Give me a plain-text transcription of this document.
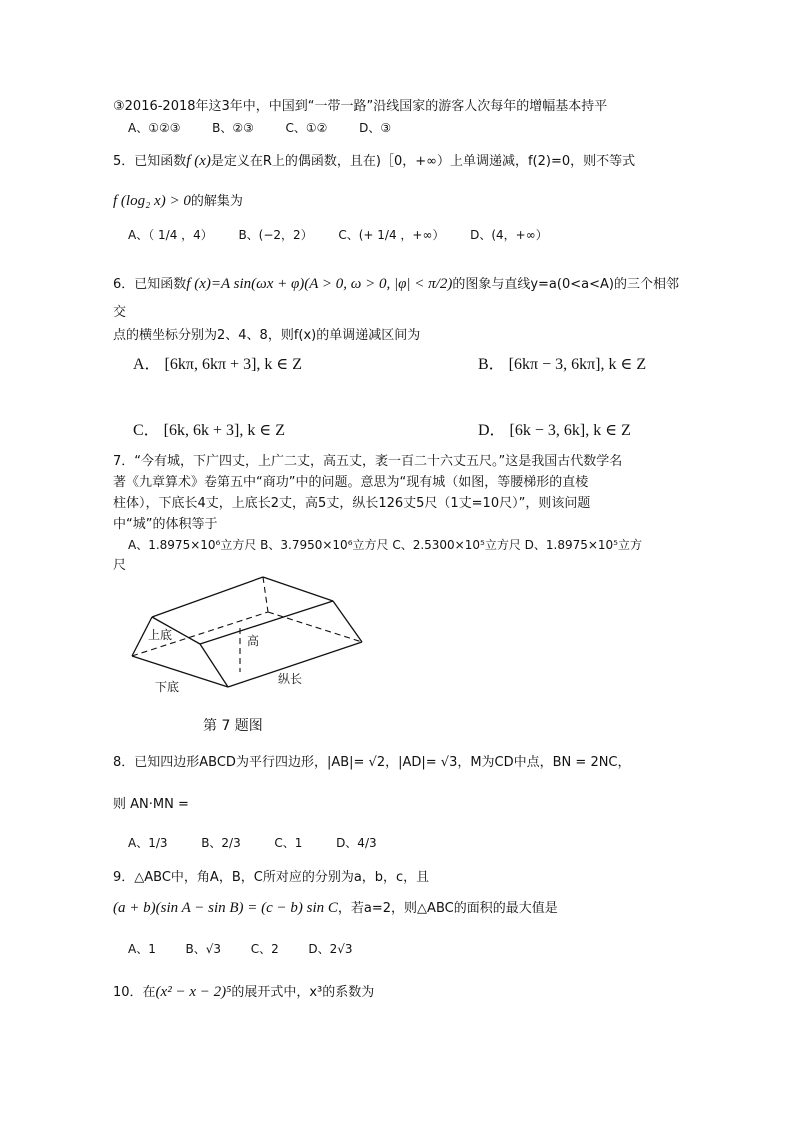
③2016-2018年这3年中，中国到“一带一路”沿线国家的游客人次每年的增幅基本持平
A、①②③	B、②③	C、①②	D、③
5．已知函数f (x)是定义在R上的偶函数，且在)［0，+∞）上单调递减，f(2)=0，则不等式
f (log₂ x) > 0的解集为
A、（ 1/4 ，4） B、(−2，2） C、(+ 1/4 ，+∞） D、(4，+∞）
6．已知函数f (x)=A sin(ωx + φ)(A > 0, ω > 0, |φ| < π/2)的图象与直线y=a(0<a<A)的三个相邻
交
点的横坐标分别为2、4、8，则f(x)的单调递减区间为
A． [6kπ, 6kπ + 3], k ∈ Z	B． [6kπ − 3, 6kπ], k ∈ Z
C． [6k, 6k + 3], k ∈ Z	D． [6k − 3, 6k], k ∈ Z
7．“今有城，下广四丈，上广二丈，高五丈，袤一百二十六丈五尺。”这是我国古代数学名
著《九章算术》卷第五中“商功”中的问题。意思为“现有城（如图，等腰梯形的直棱
柱体），下底长4丈，上底长2丈，高5丈，纵长126丈5尺（1丈=10尺）”，则该问题
中“城”的体积等于
A、1.8975×10⁶立方尺 B、3.7950×10⁶立方尺 C、2.5300×10⁵立方尺 D、1.8975×10⁵立方
尺
上底	高
下底
纵长
第 7 题图
8．已知四边形ABCD为平行四边形，|AB|= √2，|AD|= √3，M为CD中点，BN = 2NC，
则 AN·MN =
A、1/3	B、2/3	C、1	D、4/3
9．△ABC中，角A，B，C所对应的分别为a，b，c，且
(a + b)(sin A − sin B) = (c − b) sin C，若a=2，则△ABC的面积的最大值是
A、1 B、√3 C、2 D、2√3
10．在(x² − x − 2)⁵的展开式中，x³的系数为
